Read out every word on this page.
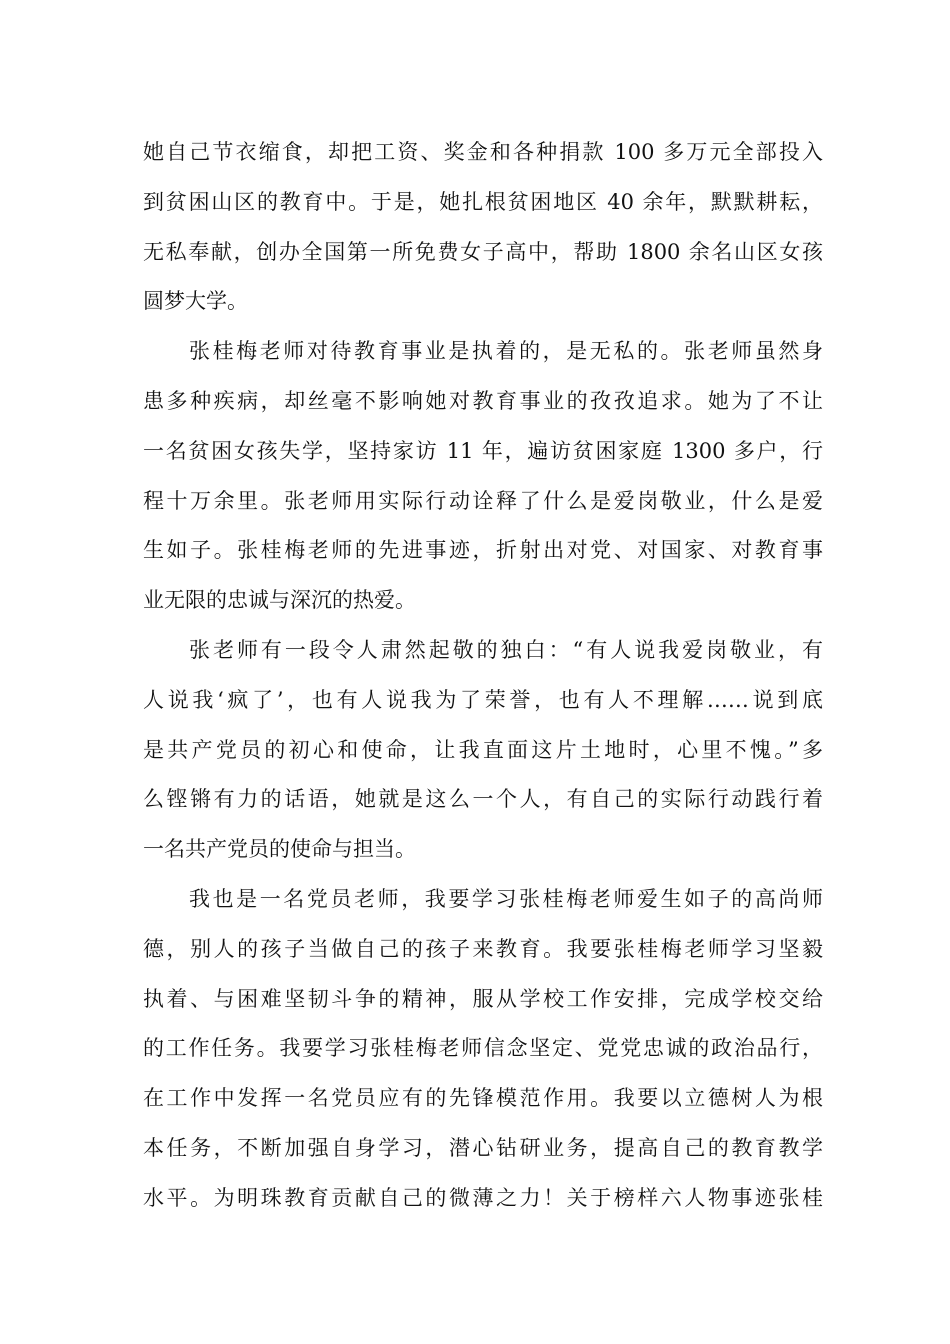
她自己节衣缩食，却把工资、奖金和各种捐款 100 多万元全部投入
到贫困山区的教育中。于是，她扎根贫困地区 40 余年，默默耕耘，
无私奉献，创办全国第一所免费女子高中，帮助 1800 余名山区女孩
圆梦大学。
张桂梅老师对待教育事业是执着的，是无私的。张老师虽然身
患多种疾病，却丝毫不影响她对教育事业的孜孜追求。她为了不让
一名贫困女孩失学，坚持家访 11 年，遍访贫困家庭 1300 多户，行
程十万余里。张老师用实际行动诠释了什么是爱岗敬业，什么是爱
生如子。张桂梅老师的先进事迹，折射出对党、对国家、对教育事
业无限的忠诚与深沉的热爱。
张老师有一段令人肃然起敬的独白：“有人说我爱岗敬业，有
人说我‘疯了’，也有人说我为了荣誉，也有人不理解……说到底
是共产党员的初心和使命，让我直面这片土地时，心里不愧。”多
么铿锵有力的话语，她就是这么一个人，有自己的实际行动践行着
一名共产党员的使命与担当。
我也是一名党员老师，我要学习张桂梅老师爱生如子的高尚师
德，别人的孩子当做自己的孩子来教育。我要张桂梅老师学习坚毅
执着、与困难坚韧斗争的精神，服从学校工作安排，完成学校交给
的工作任务。我要学习张桂梅老师信念坚定、党党忠诚的政治品行，
在工作中发挥一名党员应有的先锋模范作用。我要以立德树人为根
本任务，不断加强自身学习，潜心钻研业务，提高自己的教育教学
水平。为明珠教育贡献自己的微薄之力！关于榜样六人物事迹张桂
